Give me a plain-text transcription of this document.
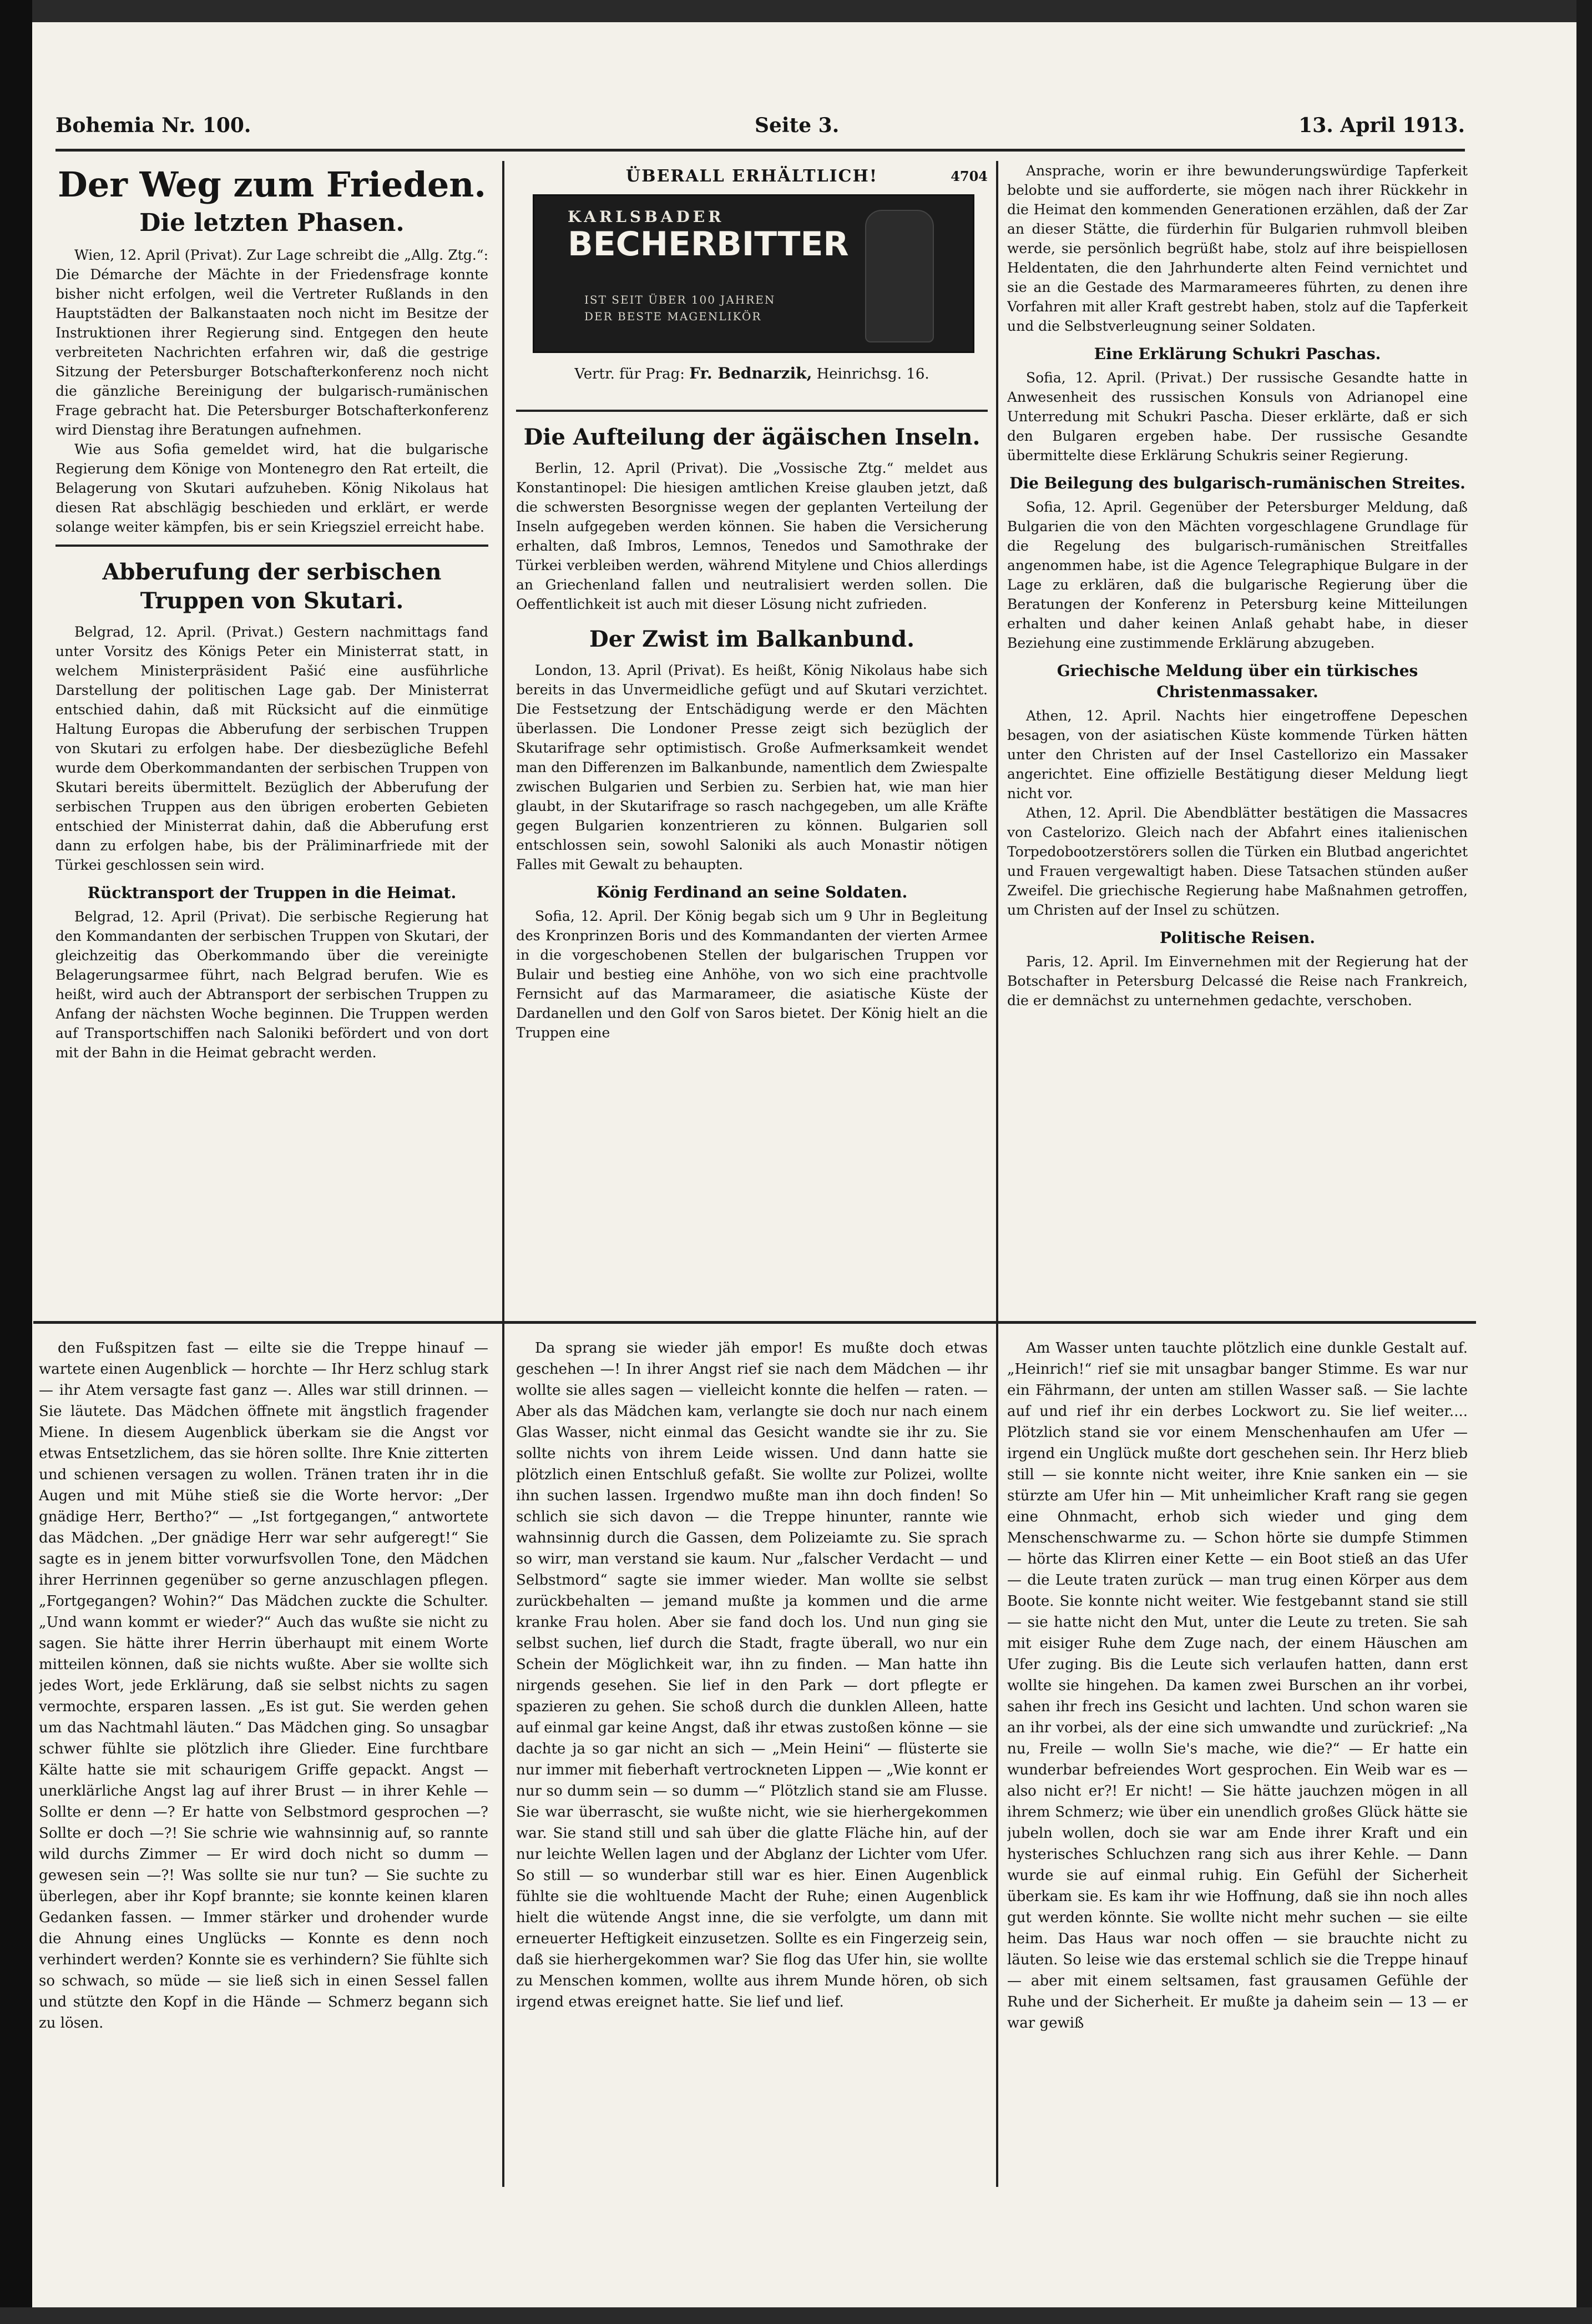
Bohemia Nr. 100.	Seite 3.	13. April 1913.
Der Weg zum Frieden.
Die letzten Phasen.

Wien, 12. April (Privat). Zur Lage schreibt die „Allg. Ztg.“: Die Démarche der Mächte in der Friedensfrage konnte bisher nicht erfolgen, weil die Vertreter Rußlands in den Hauptstädten der Balkanstaaten noch nicht im Besitze der Instruktionen ihrer Regierung sind. Entgegen den heute verbreiteten Nachrichten erfahren wir, daß die gestrige Sitzung der Petersburger Botschafterkonferenz noch nicht die gänzliche Bereinigung der bulgarisch-rumänischen Frage gebracht hat. Die Petersburger Botschafterkonferenz wird Dienstag ihre Beratungen aufnehmen.

Wie aus Sofia gemeldet wird, hat die bulgarische Regierung dem Könige von Montenegro den Rat erteilt, die Belagerung von Skutari aufzuheben. König Nikolaus hat diesen Rat abschlägig beschieden und erklärt, er werde solange weiter kämpfen, bis er sein Kriegsziel erreicht habe.

Abberufung der serbischen Truppen von Skutari.

Belgrad, 12. April. (Privat.) Gestern nachmittags fand unter Vorsitz des Königs Peter ein Ministerrat statt, in welchem Ministerpräsident Pašić eine ausführliche Darstellung der politischen Lage gab. Der Ministerrat entschied dahin, daß mit Rücksicht auf die einmütige Haltung Europas die Abberufung der serbischen Truppen von Skutari zu erfolgen habe. Der diesbezügliche Befehl wurde dem Oberkommandanten der serbischen Truppen von Skutari bereits übermittelt. Bezüglich der Abberufung der serbischen Truppen aus den übrigen eroberten Gebieten entschied der Ministerrat dahin, daß die Abberufung erst dann zu erfolgen habe, bis der Präliminarfriede mit der Türkei geschlossen sein wird.

Rücktransport der Truppen in die Heimat.

Belgrad, 12. April (Privat). Die serbische Regierung hat den Kommandanten der serbischen Truppen von Skutari, der gleichzeitig das Oberkommando über die vereinigte Belagerungsarmee führt, nach Belgrad berufen. Wie es heißt, wird auch der Abtransport der serbischen Truppen zu Anfang der nächsten Woche beginnen. Die Truppen werden auf Transportschiffen nach Saloniki befördert und von dort mit der Bahn in die Heimat gebracht werden.

ÜBERALL ERHÄLTLICH!	4704
KARLSBADER
BECHERBITTER
IST SEIT ÜBER 100 JAHREN
DER BESTE MAGENLIKÖR
Vertr. für Prag: Fr. Bednarzik, Heinrichsg. 16.
Die Aufteilung der ägäischen Inseln.

Berlin, 12. April (Privat). Die „Vossische Ztg.“ meldet aus Konstantinopel: Die hiesigen amtlichen Kreise glauben jetzt, daß die schwersten Besorgnisse wegen der geplanten Verteilung der Inseln aufgegeben werden können. Sie haben die Versicherung erhalten, daß Imbros, Lemnos, Tenedos und Samothrake der Türkei verbleiben werden, während Mitylene und Chios allerdings an Griechenland fallen und neutralisiert werden sollen. Die Oeffentlichkeit ist auch mit dieser Lösung nicht zufrieden.

Der Zwist im Balkanbund.

London, 13. April (Privat). Es heißt, König Nikolaus habe sich bereits in das Unvermeidliche gefügt und auf Skutari verzichtet. Die Festsetzung der Entschädigung werde er den Mächten überlassen. Die Londoner Presse zeigt sich bezüglich der Skutarifrage sehr optimistisch. Große Aufmerksamkeit wendet man den Differenzen im Balkanbunde, namentlich dem Zwiespalte zwischen Bulgarien und Serbien zu. Serbien hat, wie man hier glaubt, in der Skutarifrage so rasch nachgegeben, um alle Kräfte gegen Bulgarien konzentrieren zu können. Bulgarien soll entschlossen sein, sowohl Saloniki als auch Monastir nötigen Falles mit Gewalt zu behaupten.

König Ferdinand an seine Soldaten.

Sofia, 12. April. Der König begab sich um 9 Uhr in Begleitung des Kronprinzen Boris und des Kommandanten der vierten Armee in die vorgeschobenen Stellen der bulgarischen Truppen vor Bulair und bestieg eine Anhöhe, von wo sich eine prachtvolle Fernsicht auf das Marmarameer, die asiatische Küste der Dardanellen und den Golf von Saros bietet. Der König hielt an die Truppen eine

Ansprache, worin er ihre bewunderungswürdige Tapferkeit belobte und sie aufforderte, sie mögen nach ihrer Rückkehr in die Heimat den kommenden Generationen erzählen, daß der Zar an dieser Stätte, die fürderhin für Bulgarien ruhmvoll bleiben werde, sie persönlich begrüßt habe, stolz auf ihre beispiellosen Heldentaten, die den Jahrhunderte alten Feind vernichtet und sie an die Gestade des Marmarameeres führten, zu denen ihre Vorfahren mit aller Kraft gestrebt haben, stolz auf die Tapferkeit und die Selbstverleugnung seiner Soldaten.

Eine Erklärung Schukri Paschas.

Sofia, 12. April. (Privat.) Der russische Gesandte hatte in Anwesenheit des russischen Konsuls von Adrianopel eine Unterredung mit Schukri Pascha. Dieser erklärte, daß er sich den Bulgaren ergeben habe. Der russische Gesandte übermittelte diese Erklärung Schukris seiner Regierung.

Die Beilegung des bulgarisch-rumänischen Streites.

Sofia, 12. April. Gegenüber der Petersburger Meldung, daß Bulgarien die von den Mächten vorgeschlagene Grundlage für die Regelung des bulgarisch-rumänischen Streitfalles angenommen habe, ist die Agence Telegraphique Bulgare in der Lage zu erklären, daß die bulgarische Regierung über die Beratungen der Konferenz in Petersburg keine Mitteilungen erhalten und daher keinen Anlaß gehabt habe, in dieser Beziehung eine zustimmende Erklärung abzugeben.

Griechische Meldung über ein türkisches Christenmassaker.

Athen, 12. April. Nachts hier eingetroffene Depeschen besagen, von der asiatischen Küste kommende Türken hätten unter den Christen auf der Insel Castellorizo ein Massaker angerichtet. Eine offizielle Bestätigung dieser Meldung liegt nicht vor.

Athen, 12. April. Die Abendblätter bestätigen die Massacres von Castelorizo. Gleich nach der Abfahrt eines italienischen Torpedobootzerstörers sollen die Türken ein Blutbad angerichtet und Frauen vergewaltigt haben. Diese Tatsachen stünden außer Zweifel. Die griechische Regierung habe Maßnahmen getroffen, um Christen auf der Insel zu schützen.

Politische Reisen.

Paris, 12. April. Im Einvernehmen mit der Regierung hat der Botschafter in Petersburg Delcassé die Reise nach Frankreich, die er demnächst zu unternehmen gedachte, verschoben.

den Fußspitzen fast — eilte sie die Treppe hinauf — wartete einen Augenblick — horchte — Ihr Herz schlug stark — ihr Atem versagte fast ganz —. Alles war still drinnen. — Sie läutete. Das Mädchen öffnete mit ängstlich fragender Miene. In diesem Augenblick überkam sie die Angst vor etwas Entsetzlichem, das sie hören sollte. Ihre Knie zitterten und schienen versagen zu wollen. Tränen traten ihr in die Augen und mit Mühe stieß sie die Worte hervor: „Der gnädige Herr, Bertho?“ — „Ist fortgegangen,“ antwortete das Mädchen. „Der gnädige Herr war sehr aufgeregt!“ Sie sagte es in jenem bitter vorwurfsvollen Tone, den Mädchen ihrer Herrinnen gegenüber so gerne anzuschlagen pflegen. „Fortgegangen? Wohin?“ Das Mädchen zuckte die Schulter. „Und wann kommt er wieder?“ Auch das wußte sie nicht zu sagen. Sie hätte ihrer Herrin überhaupt mit einem Worte mitteilen können, daß sie nichts wußte. Aber sie wollte sich jedes Wort, jede Erklärung, daß sie selbst nichts zu sagen vermochte, ersparen lassen. „Es ist gut. Sie werden gehen um das Nachtmahl läuten.“ Das Mädchen ging. So unsagbar schwer fühlte sie plötzlich ihre Glieder. Eine furchtbare Kälte hatte sie mit schaurigem Griffe gepackt. Angst — unerklärliche Angst lag auf ihrer Brust — in ihrer Kehle — Sollte er denn —? Er hatte von Selbstmord gesprochen —? Sollte er doch —?! Sie schrie wie wahnsinnig auf, so rannte wild durchs Zimmer — Er wird doch nicht so dumm — gewesen sein —?! Was sollte sie nur tun? — Sie suchte zu überlegen, aber ihr Kopf brannte; sie konnte keinen klaren Gedanken fassen. — Immer stärker und drohender wurde die Ahnung eines Unglücks — Konnte es denn noch verhindert werden? Konnte sie es verhindern? Sie fühlte sich so schwach, so müde — sie ließ sich in einen Sessel fallen und stützte den Kopf in die Hände — Schmerz begann sich zu lösen.

Da sprang sie wieder jäh empor! Es mußte doch etwas geschehen —! In ihrer Angst rief sie nach dem Mädchen — ihr wollte sie alles sagen — vielleicht konnte die helfen — raten. — Aber als das Mädchen kam, verlangte sie doch nur nach einem Glas Wasser, nicht einmal das Gesicht wandte sie ihr zu. Sie sollte nichts von ihrem Leide wissen. Und dann hatte sie plötzlich einen Entschluß gefaßt. Sie wollte zur Polizei, wollte ihn suchen lassen. Irgendwo mußte man ihn doch finden! So schlich sie sich davon — die Treppe hinunter, rannte wie wahnsinnig durch die Gassen, dem Polizeiamte zu. Sie sprach so wirr, man verstand sie kaum. Nur „falscher Verdacht — und Selbstmord“ sagte sie immer wieder. Man wollte sie selbst zurückbehalten — jemand mußte ja kommen und die arme kranke Frau holen. Aber sie fand doch los. Und nun ging sie selbst suchen, lief durch die Stadt, fragte überall, wo nur ein Schein der Möglichkeit war, ihn zu finden. — Man hatte ihn nirgends gesehen. Sie lief in den Park — dort pflegte er spazieren zu gehen. Sie schoß durch die dunklen Alleen, hatte auf einmal gar keine Angst, daß ihr etwas zustoßen könne — sie dachte ja so gar nicht an sich — „Mein Heini“ — flüsterte sie nur immer mit fieberhaft vertrockneten Lippen — „Wie konnt er nur so dumm sein — so dumm —“ Plötzlich stand sie am Flusse. Sie war überrascht, sie wußte nicht, wie sie hierhergekommen war. Sie stand still und sah über die glatte Fläche hin, auf der nur leichte Wellen lagen und der Abglanz der Lichter vom Ufer. So still — so wunderbar still war es hier. Einen Augenblick fühlte sie die wohltuende Macht der Ruhe; einen Augenblick hielt die wütende Angst inne, die sie verfolgte, um dann mit erneuerter Heftigkeit einzusetzen. Sollte es ein Fingerzeig sein, daß sie hierhergekommen war? Sie flog das Ufer hin, sie wollte zu Menschen kommen, wollte aus ihrem Munde hören, ob sich irgend etwas ereignet hatte. Sie lief und lief.

Am Wasser unten tauchte plötzlich eine dunkle Gestalt auf. „Heinrich!“ rief sie mit unsagbar banger Stimme. Es war nur ein Fährmann, der unten am stillen Wasser saß. — Sie lachte auf und rief ihr ein derbes Lockwort zu. Sie lief weiter.... Plötzlich stand sie vor einem Menschenhaufen am Ufer — irgend ein Unglück mußte dort geschehen sein. Ihr Herz blieb still — sie konnte nicht weiter, ihre Knie sanken ein — sie stürzte am Ufer hin — Mit unheimlicher Kraft rang sie gegen eine Ohnmacht, erhob sich wieder und ging dem Menschenschwarme zu. — Schon hörte sie dumpfe Stimmen — hörte das Klirren einer Kette — ein Boot stieß an das Ufer — die Leute traten zurück — man trug einen Körper aus dem Boote. Sie konnte nicht weiter. Wie festgebannt stand sie still — sie hatte nicht den Mut, unter die Leute zu treten. Sie sah mit eisiger Ruhe dem Zuge nach, der einem Häuschen am Ufer zuging. Bis die Leute sich verlaufen hatten, dann erst wollte sie hingehen. Da kamen zwei Burschen an ihr vorbei, sahen ihr frech ins Gesicht und lachten. Und schon waren sie an ihr vorbei, als der eine sich umwandte und zurückrief: „Na nu, Freile — wolln Sie's mache, wie die?“ — Er hatte ein wunderbar befreiendes Wort gesprochen. Ein Weib war es — also nicht er?! Er nicht! — Sie hätte jauchzen mögen in all ihrem Schmerz; wie über ein unendlich großes Glück hätte sie jubeln wollen, doch sie war am Ende ihrer Kraft und ein hysterisches Schluchzen rang sich aus ihrer Kehle. — Dann wurde sie auf einmal ruhig. Ein Gefühl der Sicherheit überkam sie. Es kam ihr wie Hoffnung, daß sie ihn noch alles gut werden könnte. Sie wollte nicht mehr suchen — sie eilte heim. Das Haus war noch offen — sie brauchte nicht zu läuten. So leise wie das erstemal schlich sie die Treppe hinauf — aber mit einem seltsamen, fast grausamen Gefühle der Ruhe und der Sicherheit. Er mußte ja daheim sein — 13 — er war gewiß
